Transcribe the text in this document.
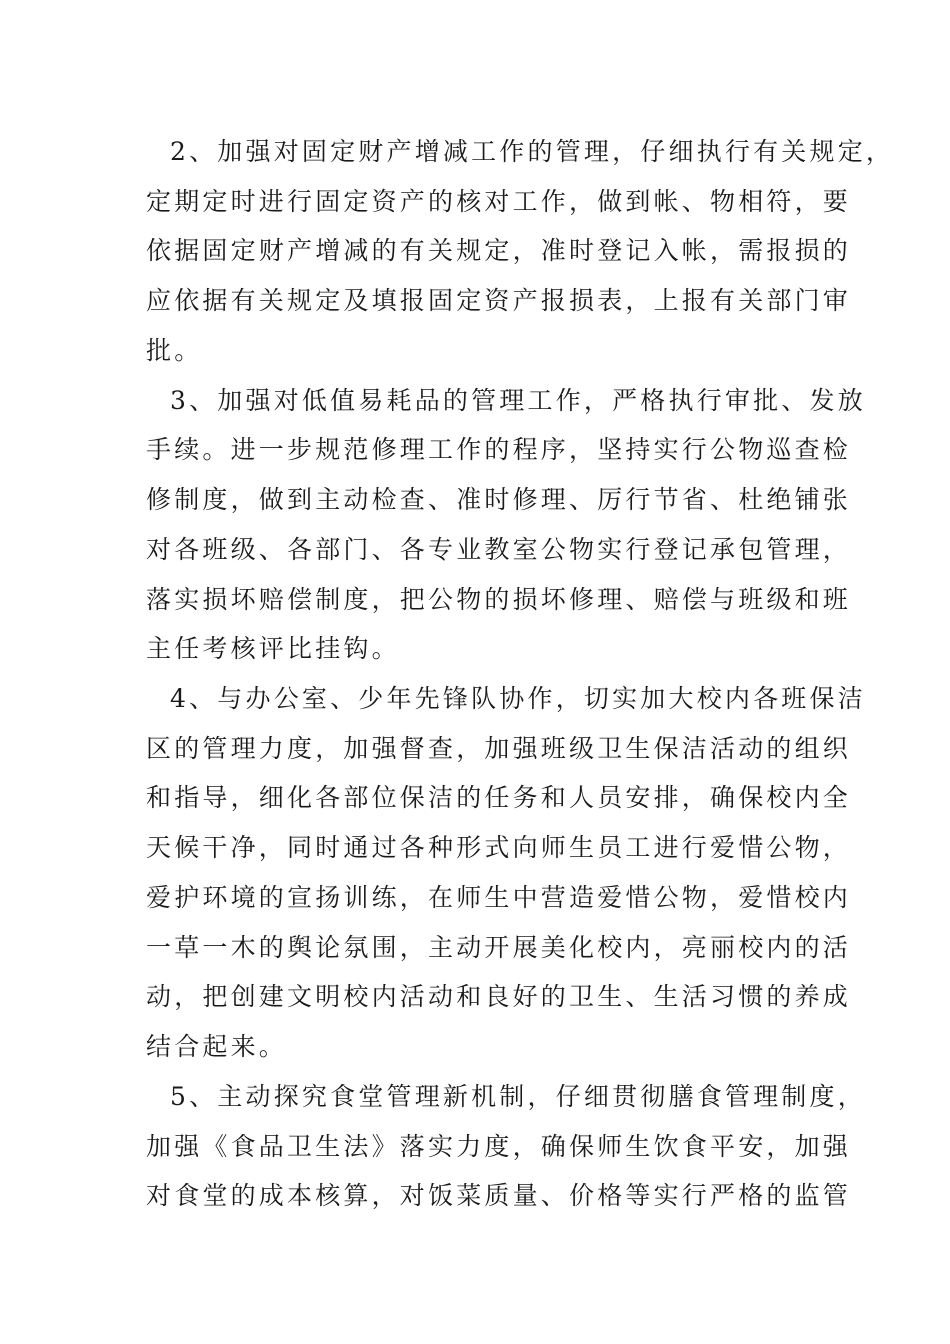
2、加强对固定财产增减工作的管理，仔细执行有关规定，
定期定时进行固定资产的核对工作，做到帐、物相符，要
依据固定财产增减的有关规定，准时登记入帐，需报损的
应依据有关规定及填报固定资产报损表，上报有关部门审
批。
3、加强对低值易耗品的管理工作，严格执行审批、发放
手续。进一步规范修理工作的程序，坚持实行公物巡查检
修制度，做到主动检查、准时修理、厉行节省、杜绝铺张
对各班级、各部门、各专业教室公物实行登记承包管理，
落实损坏赔偿制度，把公物的损坏修理、赔偿与班级和班
主任考核评比挂钩。
4、与办公室、少年先锋队协作，切实加大校内各班保洁
区的管理力度，加强督查，加强班级卫生保洁活动的组织
和指导，细化各部位保洁的任务和人员安排，确保校内全
天候干净，同时通过各种形式向师生员工进行爱惜公物，
爱护环境的宣扬训练，在师生中营造爱惜公物，爱惜校内
一草一木的舆论氛围，主动开展美化校内，亮丽校内的活
动，把创建文明校内活动和良好的卫生、生活习惯的养成
结合起来。
5、主动探究食堂管理新机制，仔细贯彻膳食管理制度，
加强《食品卫生法》落实力度，确保师生饮食平安，加强
对食堂的成本核算，对饭菜质量、价格等实行严格的监管
